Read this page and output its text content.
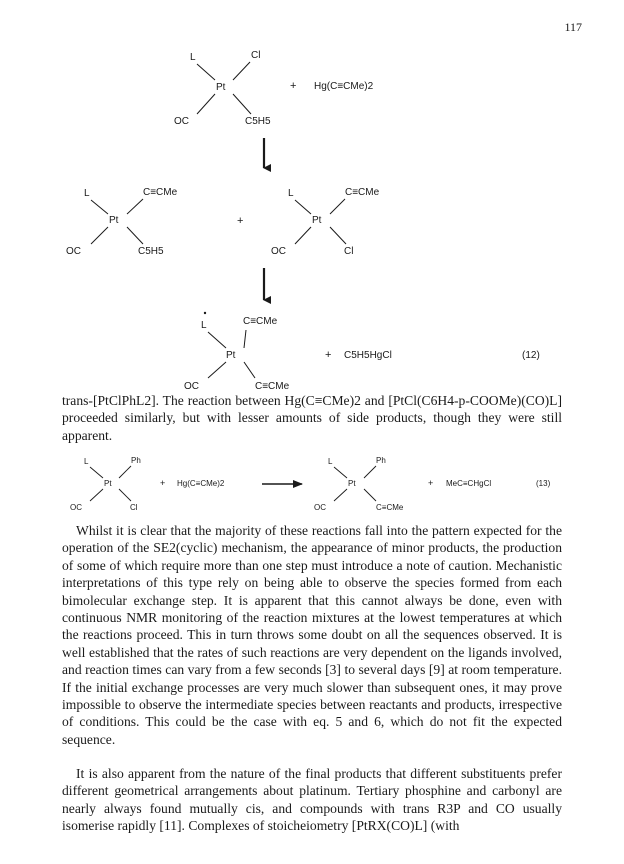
117
L	Cl
Pt
OC	C5H5
+ Hg(C≡CMe)2
L	C≡CMe
Pt
OC	C5H5
+
L	C≡CMe
Pt
OC	Cl
L	C≡CMe
Pt
OC	C≡CMe
+ C5H5HgCl	(12)
L	Ph
Pt
OC	Cl
+ Hg(C≡CMe)2
L	Ph
Pt
OC	C≡CMe
+ MeC≡CHgCl	(13)

trans-[PtClPhL2]. The reaction between Hg(C≡CMe)2 and [PtCl(C6H4-p-COOMe)(CO)L] proceeded similarly, but with lesser amounts of side products, though they were still apparent.

Whilst it is clear that the majority of these reactions fall into the pattern expected for the operation of the SE2(cyclic) mechanism, the appearance of minor products, the production of some of which require more than one step must introduce a note of caution. Mechanistic interpretations of this type rely on being able to observe the species formed from each bimolecular exchange step. It is apparent that this cannot always be done, even with continuous NMR monitoring of the reaction mixtures at the lowest temperatures at which the reactions proceed. This in turn throws some doubt on all the sequences observed. It is well established that the rates of such reactions are very dependent on the ligands involved, and reaction times can vary from a few seconds [3] to several days [9] at room temperature. If the initial exchange processes are very much slower than subsequent ones, it may prove impossible to observe the intermediate species between reactants and products, irrespective of conditions. This could be the case with eq. 5 and 6, which do not fit the expected sequence.

It is also apparent from the nature of the final products that different substituents prefer different geometrical arrangements about platinum. Tertiary phosphine and carbonyl are nearly always found mutually cis, and compounds with trans R3P and CO usually isomerise rapidly [11]. Complexes of stoicheiometry [PtRX(CO)L] (with
